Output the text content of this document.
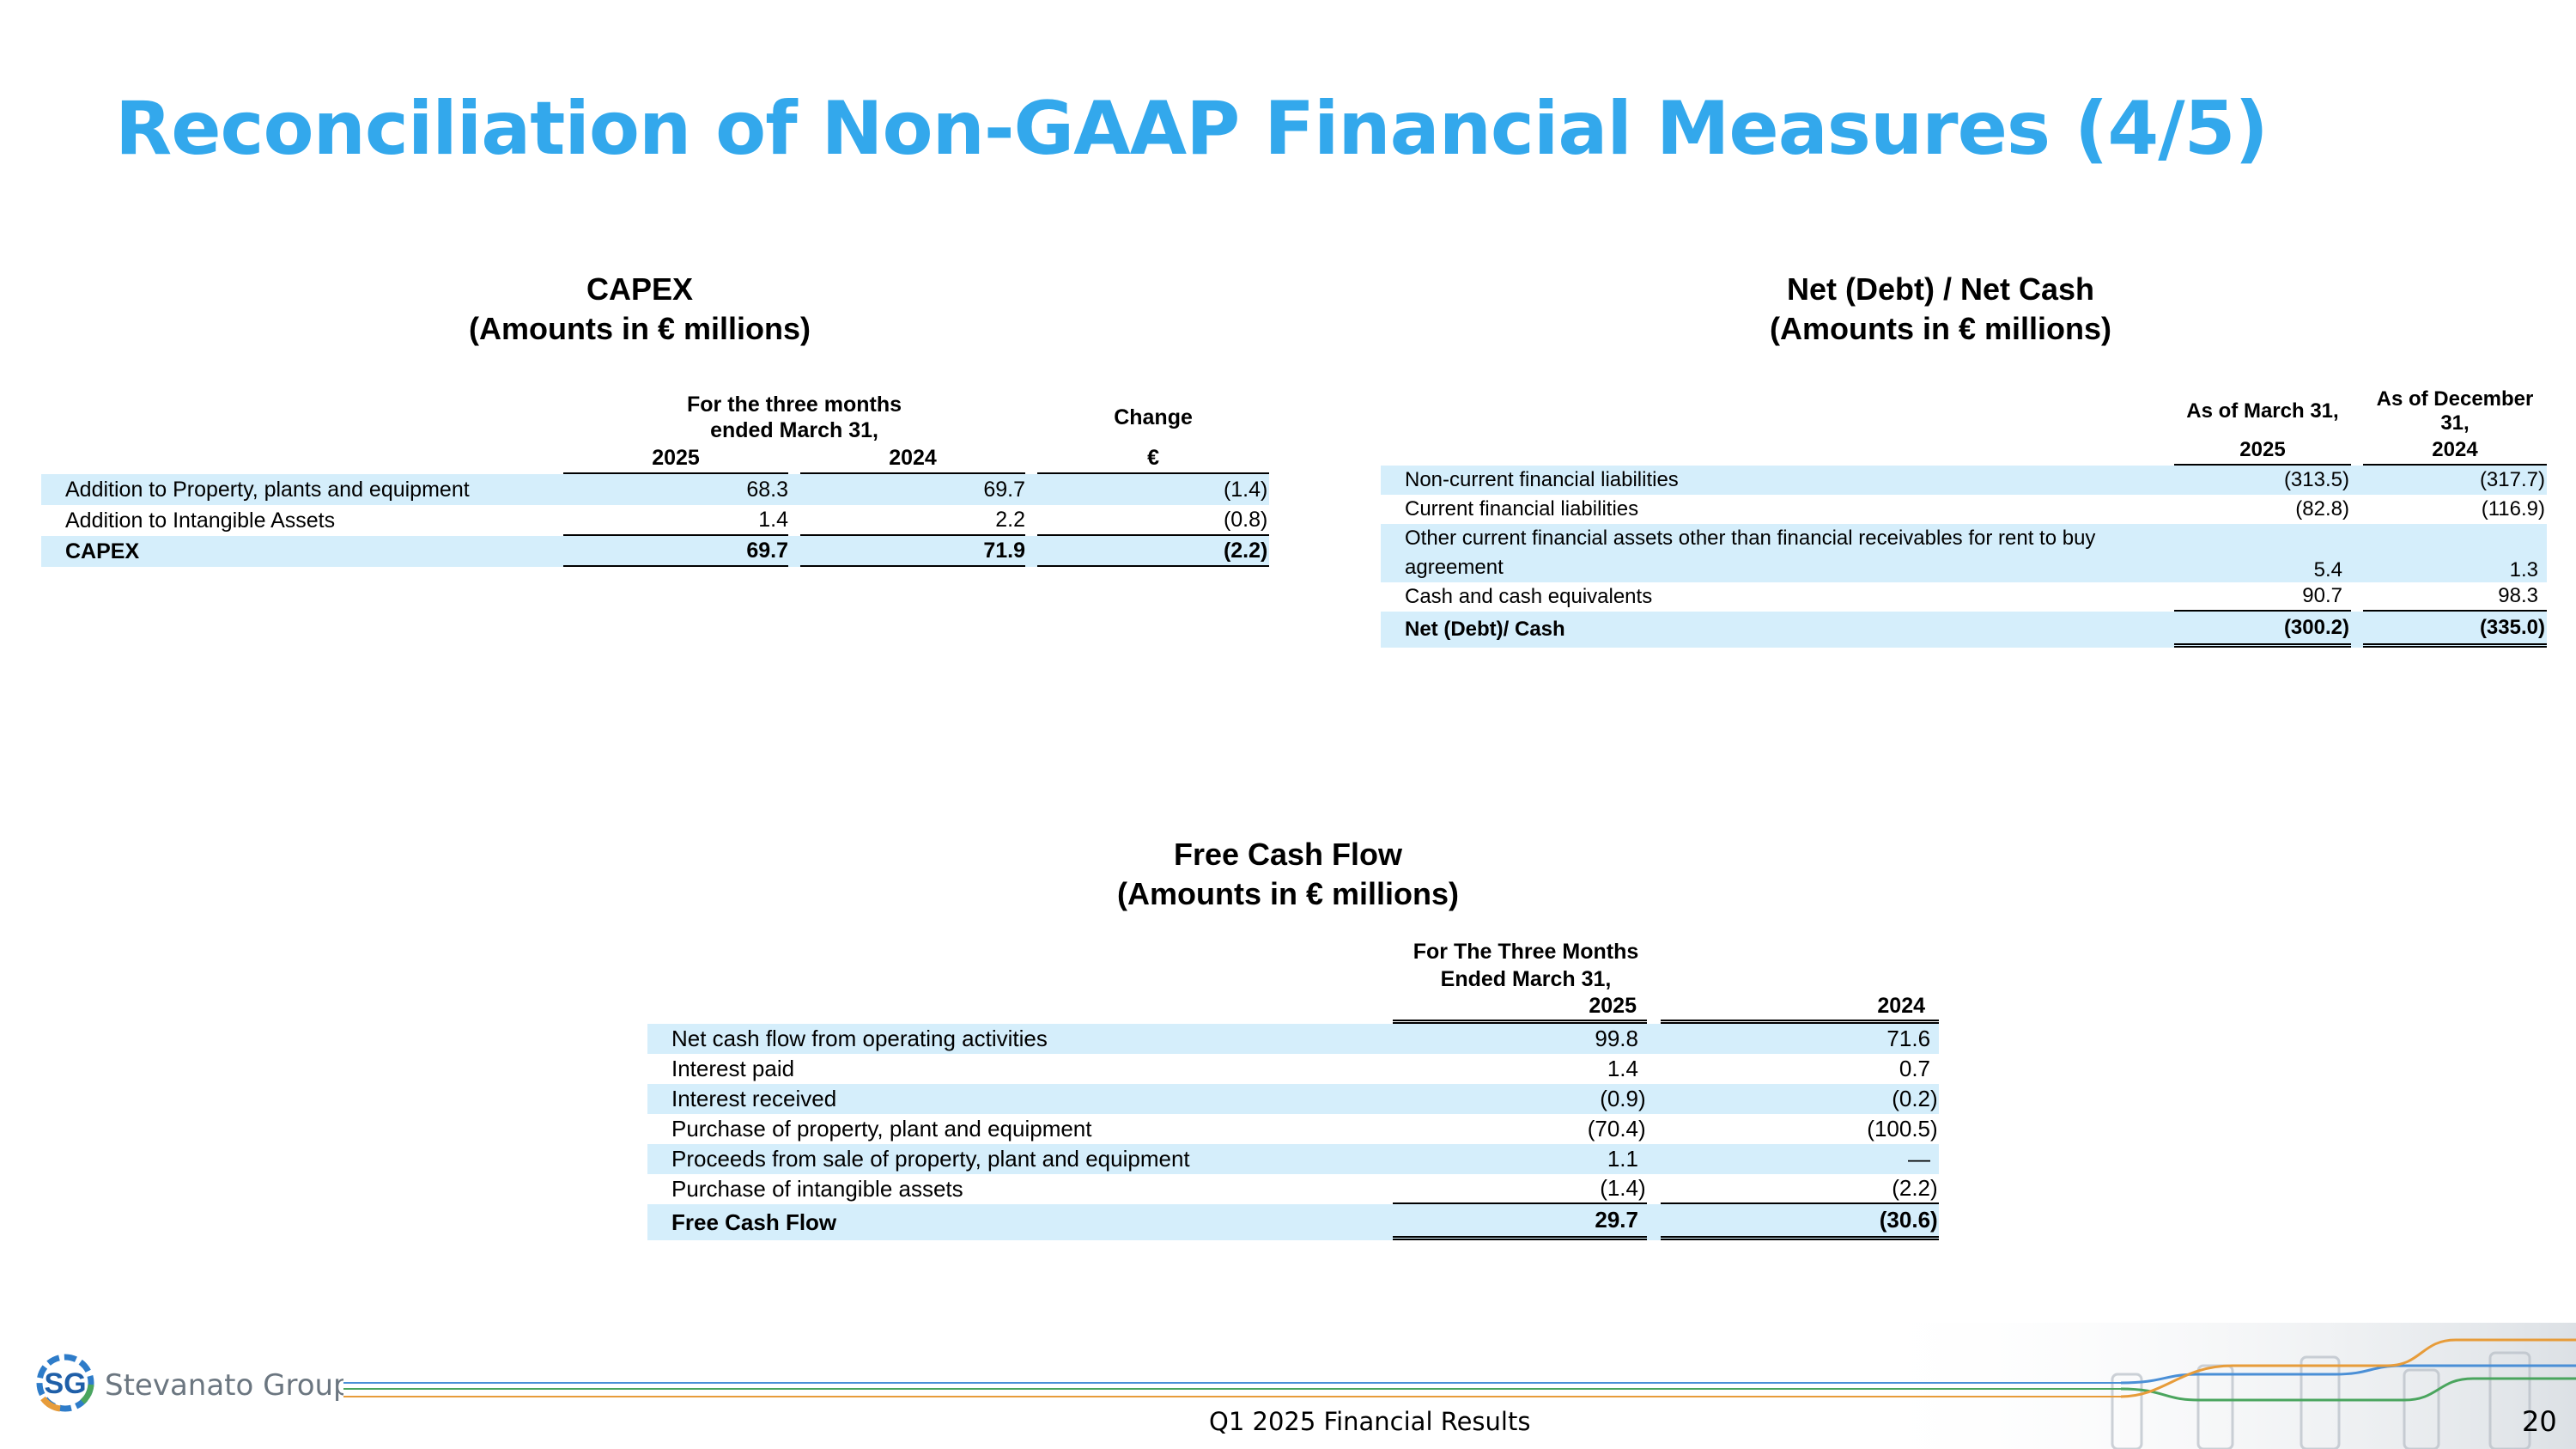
Reconciliation of Non-GAAP Financial Measures (4/5)
CAPEX
(Amounts in € millions)

		For the three months
ended March 31,				Change
		2025		2024		€
Addition to Property, plants and equipment		68.3		69.7		(1.4)
Addition to Intangible Assets		1.4		2.2		(0.8)
CAPEX		69.7		71.9		(2.2)
Net (Debt) / Net Cash
(Amounts in € millions)
		As of March 31,		As of December 31,
		2025		2024
Non-current financial liabilities		(313.5)		(317.7)
Current financial liabilities		(82.8)		(116.9)

Other current financial assets other than financial receivables for rent to buy
agreement		5.4		1.3
Cash and cash equivalents		90.7		98.3
Net (Debt)/ Cash		(300.2)		(335.0)
Free Cash Flow
(Amounts in € millions)

		For The Three Months
Ended March 31,		

		2025		2024
Net cash flow from operating activities		99.8		71.6
Interest paid		1.4		0.7
Interest received		(0.9)		(0.2)
Purchase of property, plant and equipment		(70.4)		(100.5)
Proceeds from sale of property, plant and equipment		1.1		—
Purchase of intangible assets		(1.4)		(2.2)
Free Cash Flow		29.7		(30.6)
SG Stevanato Group
Q1 2025 Financial Results	20
